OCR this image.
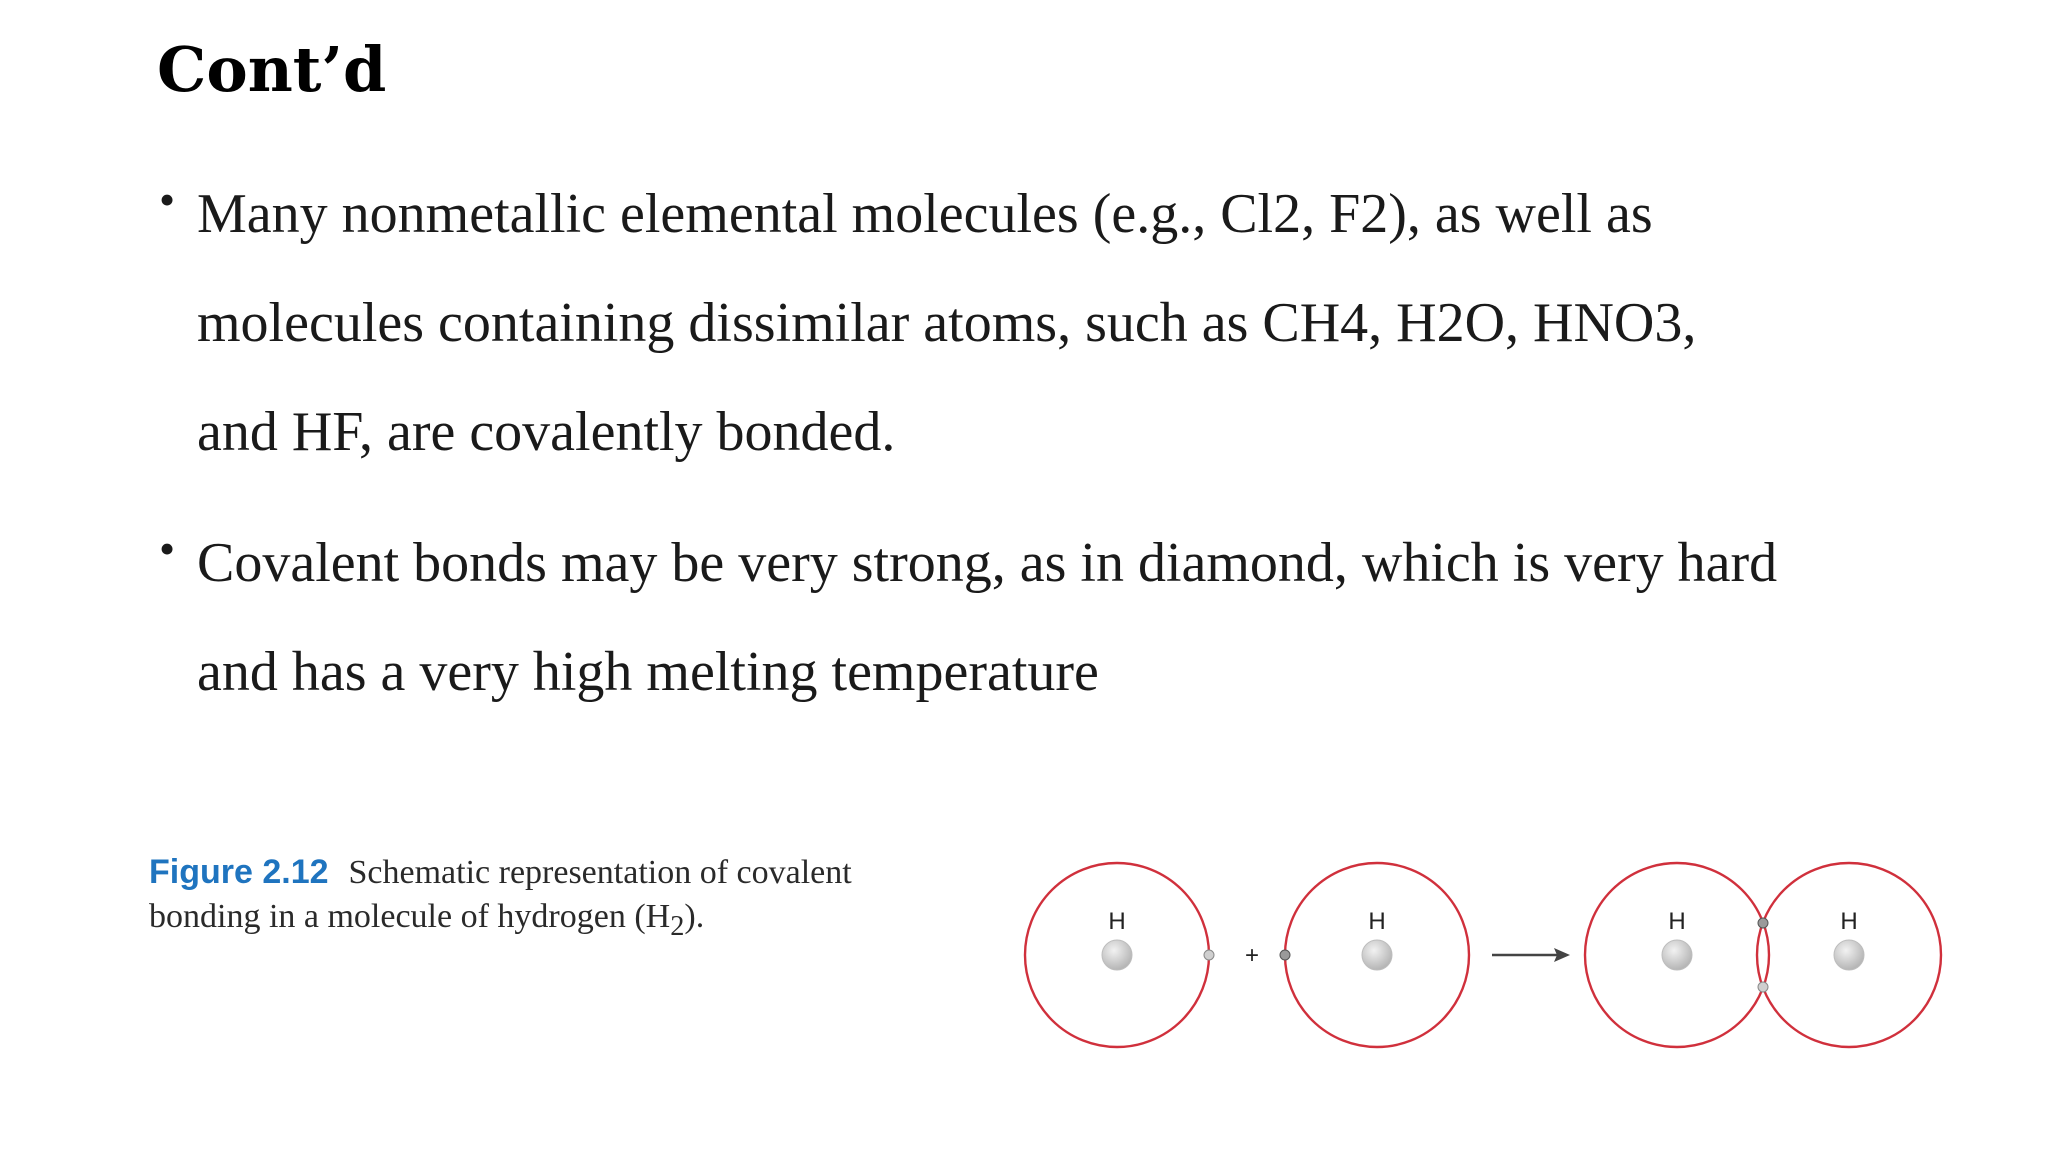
Cont’d
• Many nonmetallic elemental molecules (e.g., Cl2, F2), as well as
molecules containing dissimilar atoms, such as CH4, H2O, HNO3,
and HF, are covalently bonded.
• Covalent bonds may be very strong, as in diamond, which is very hard
and has a very high melting temperature

Figure 2.12 Schematic representation of covalent
bonding in a molecule of hydrogen $(H_2)$.	H
+
H	H	H
